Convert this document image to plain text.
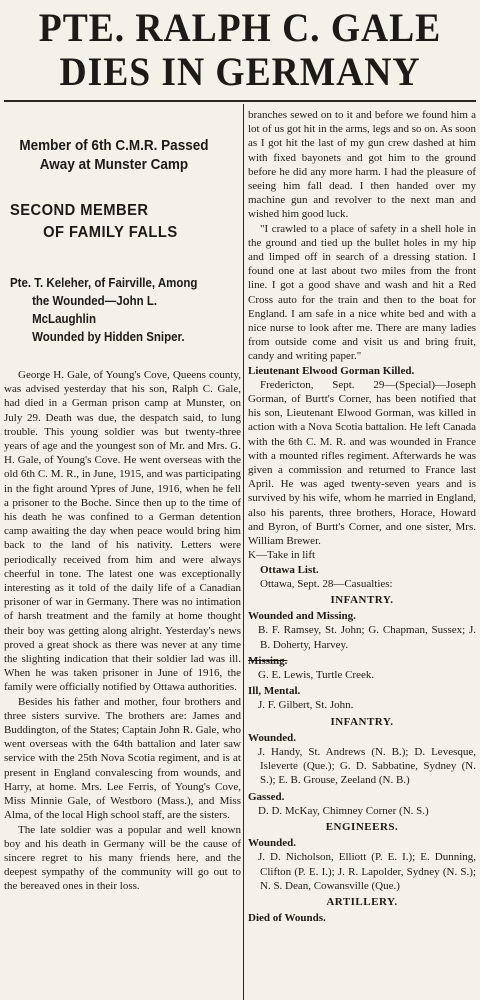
PTE. RALPH C. GALE
DIES IN GERMANY
Member of 6th C.M.R. Passed Away at Munster Camp
SECOND MEMBER
OF FAMILY FALLS
Pte. T. Keleher, of Fairville, Among
the Wounded—John L. McLaughlin
Wounded by Hidden Sniper.

George H. Gale, of Young's Cove, Queens county, was advised yesterday that his son, Ralph C. Gale, had died in a German prison camp at Munster, on July 29. Death was due, the despatch said, to lung trouble. This young soldier was but twenty-three years of age and the youngest son of Mr. and Mrs. G. H. Gale, of Young's Cove. He went overseas with the old 6th C. M. R., in June, 1915, and was participating in the fight around Ypres of June, 1916, when he fell a prisoner to the Boche. Since then up to the time of his death he was confined to a German detention camp awaiting the day when peace would bring him back to the land of his nativity. Letters were periodically received from him and were always cheerful in tone. The latest one was exceptionally interesting as it told of the daily life of a Canadian prisoner of war in Germany. There was no intimation of harsh treatment and the family at home thought their boy was getting along alright. Yesterday's news proved a great shock as there was never at any time the slighting indication that their soldier lad was ill. When he was taken prisoner in June of 1916, the family were officially notified by Ottawa authorities.

Besides his father and mother, four brothers and three sisters survive. The brothers are: James and Buddington, of the States; Captain John R. Gale, who went overseas with the 64th battalion and later saw service with the 25th Nova Scotia regiment, and is at present in England convalescing from wounds, and Harry, at home. Mrs. Lee Ferris, of Young's Cove, Miss Minnie Gale, of Westboro (Mass.), and Miss Alma, of the local High school staff, are the sisters.

The late soldier was a popular and well known boy and his death in Germany will be the cause of sincere regret to his many friends here, and the deepest sympathy of the community will go out to the bereaved ones in their loss.

branches sewed on to it and before we found him a lot of us got hit in the arms, legs and so on. As soon as I got hit the last of my gun crew dashed at him with fixed bayonets and got him to the ground before he did any more harm. I had the pleasure of seeing him fall dead. I then handed over my machine gun and revolver to the next man and wished him good luck.

"I crawled to a place of safety in a shell hole in the ground and tied up the bullet holes in my hip and limped off in search of a dressing station. I found one at last about two miles from the front line. I got a good shave and wash and hit a Red Cross auto for the train and then to the boat for England. I am safe in a nice white bed and with a nice nurse to look after me. There are many ladies from outside come and visit us and bring fruit, candy and writing paper."

Lieutenant Elwood Gorman Killed.

Fredericton, Sept. 29—(Special)—Joseph Gorman, of Burtt's Corner, has been notified that his son, Lieutenant Elwood Gorman, was killed in action with a Nova Scotia battalion. He left Canada with the 6th C. M. R. and was wounded in France with a mounted rifles regiment. Afterwards he was given a commission and returned to France last April. He was aged twenty-seven years and is survived by his wife, whom he married in England, also his parents, three brothers, Horace, Howard and Byron, of Burtt's Corner, and one sister, Mrs. William Brewer.

K—Take in lift

Ottawa List.

Ottawa, Sept. 28—Casualties:

INFANTRY.
Wounded and Missing.
B. F. Ramsey, St. John; G. Chapman, Sussex; J. B. Doherty, Harvey.
Missing.
G. E. Lewis, Turtle Creek.
Ill, Mental.
J. F. Gilbert, St. John.
INFANTRY.
Wounded.
J. Handy, St. Andrews (N. B.); D. Levesque, Isleverte (Que.); G. D. Sabbatine, Sydney (N. S.); E. B. Grouse, Zeeland (N. B.)
Gassed.
D. D. McKay, Chimney Corner (N. S.)
ENGINEERS.
Wounded.
J. D. Nicholson, Elliott (P. E. I.); E. Dunning, Clifton (P. E. I.); J. R. Lapolder, Sydney (N. S.); N. S. Dean, Cowansville (Que.)
ARTILLERY.
Died of Wounds.
